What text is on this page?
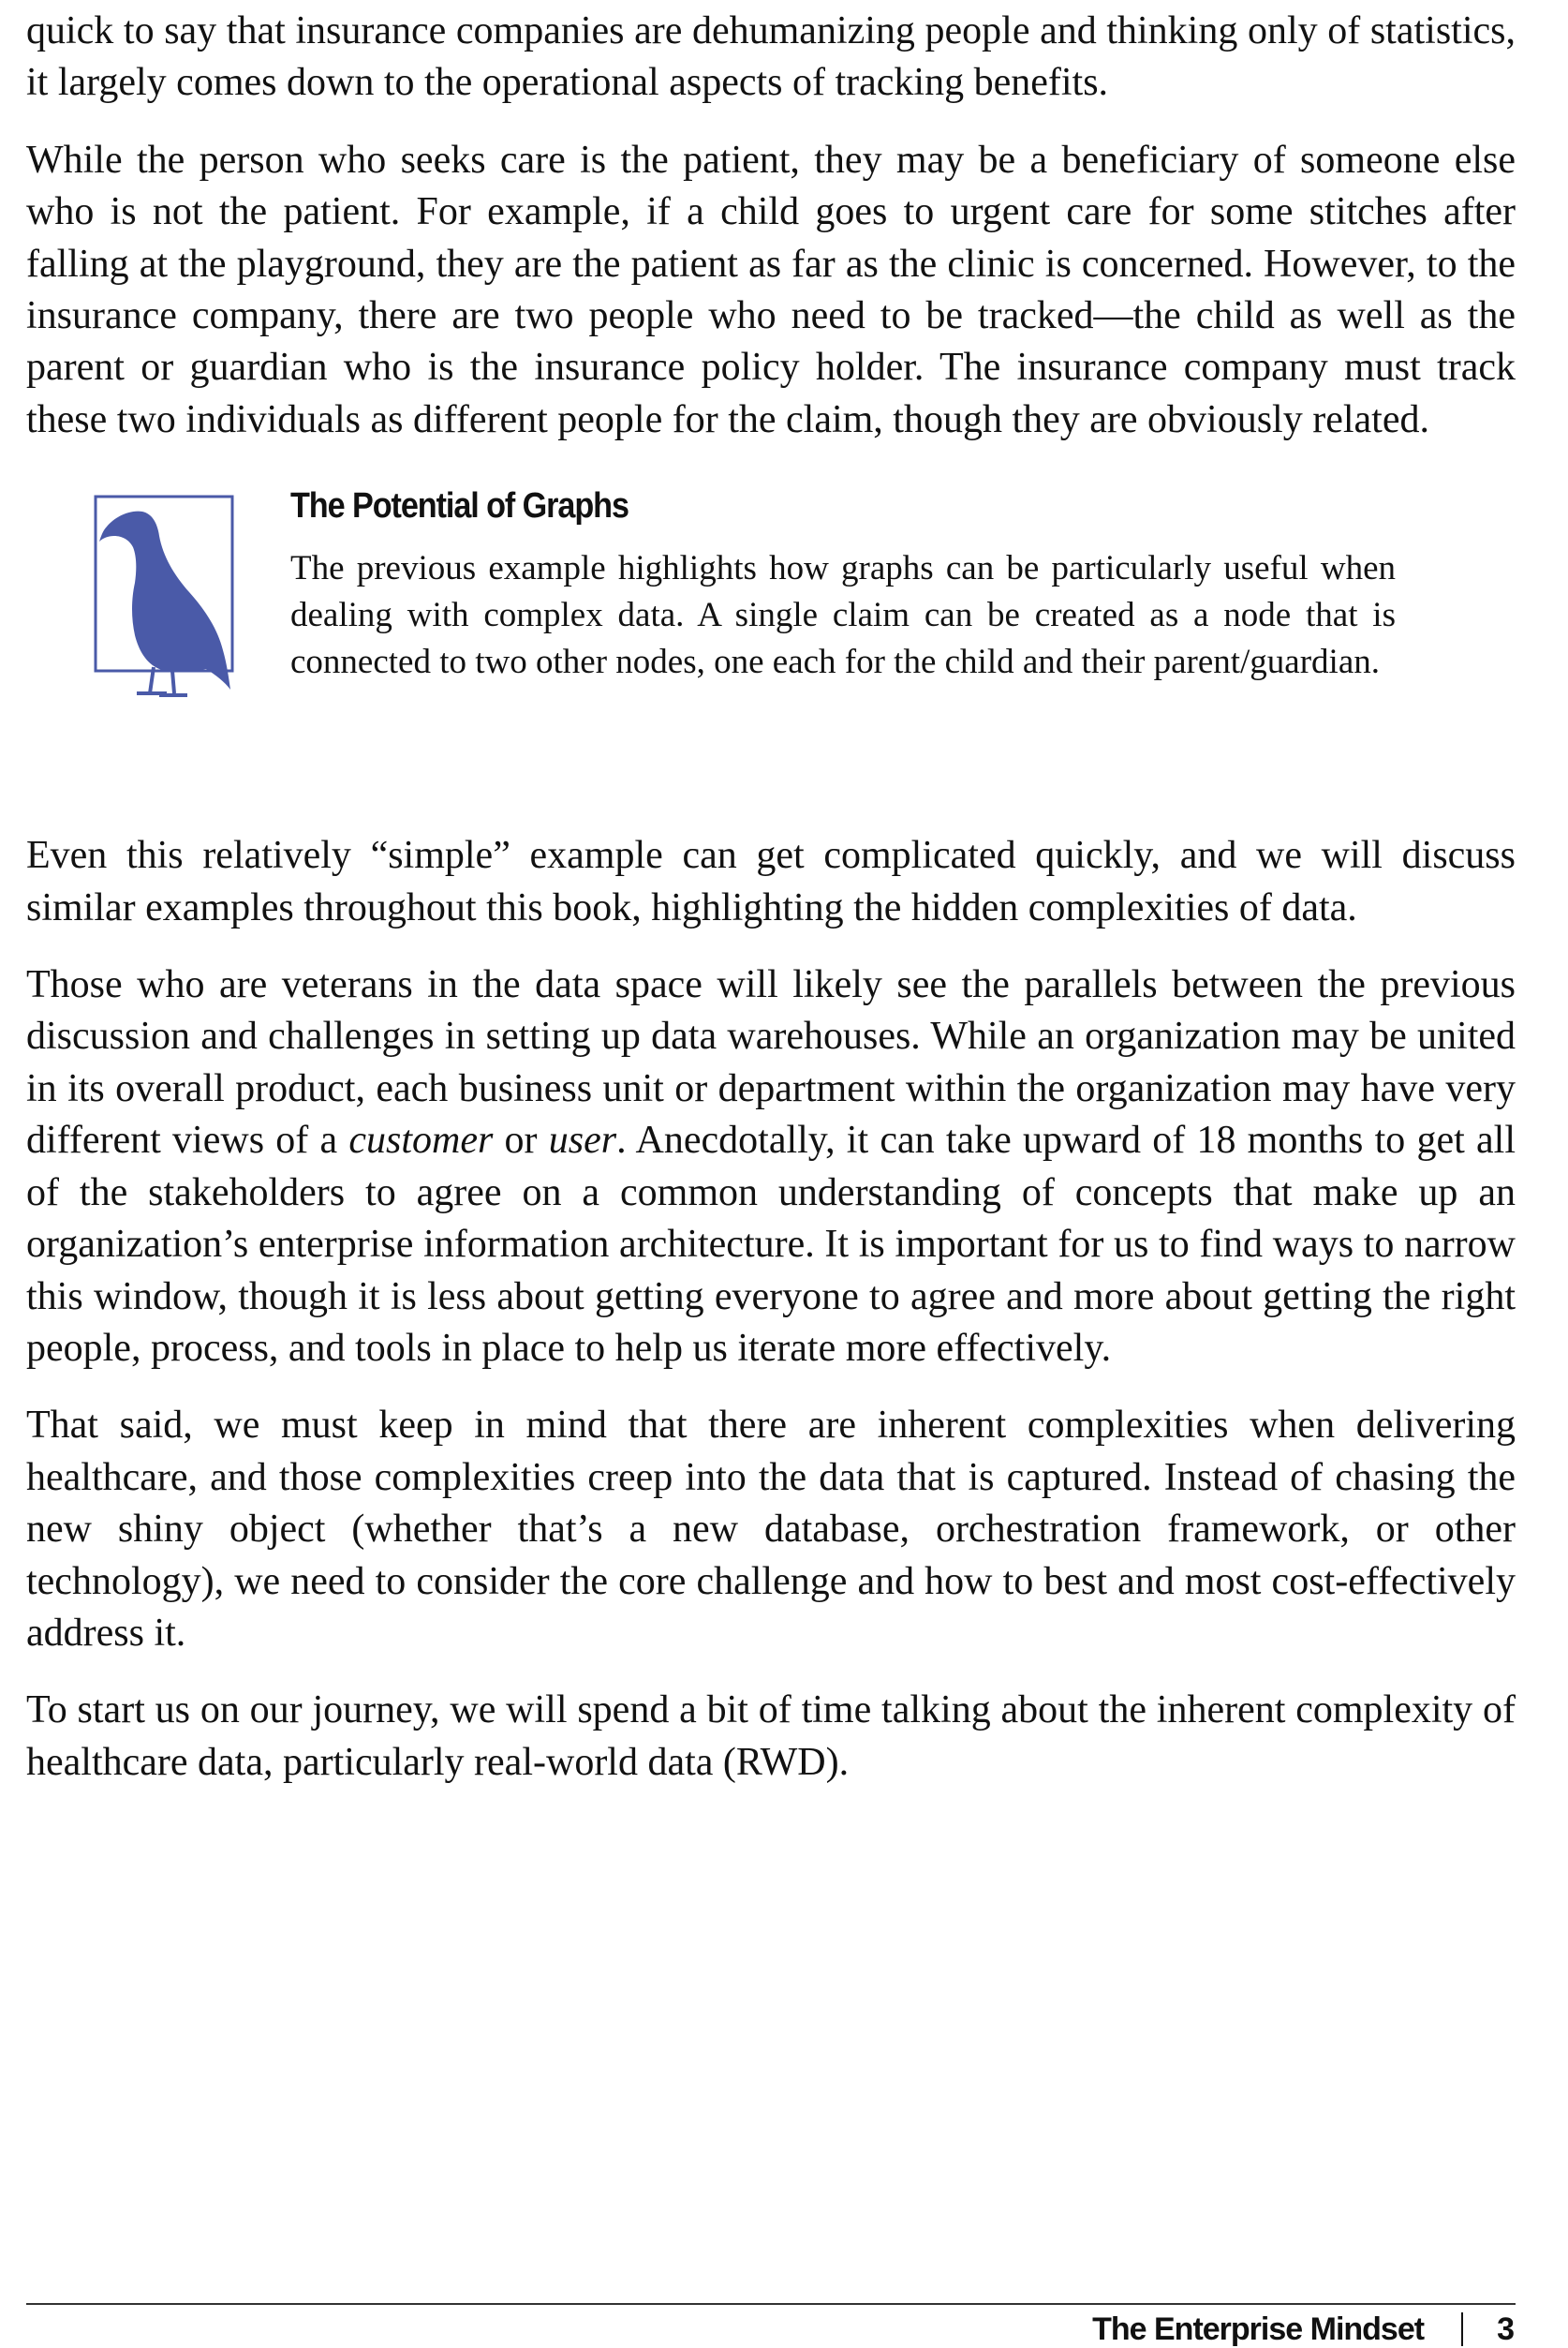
quick to say that insurance companies are dehumanizing people and thinking only of statistics, it largely comes down to the operational aspects of tracking benefits.

While the person who seeks care is the patient, they may be a beneficiary of someone else who is not the patient. For example, if a child goes to urgent care for some stitches after falling at the playground, they are the patient as far as the clinic is concerned. However, to the insurance company, there are two people who need to be tracked—the child as well as the parent or guardian who is the insurance policy holder. The insurance company must track these two individuals as different people for the claim, though they are obviously related.

The Potential of Graphs

The previous example highlights how graphs can be particularly useful when dealing with complex data. A single claim can be created as a node that is connected to two other nodes, one each for the child and their parent/guardian.

Even this relatively “simple” example can get complicated quickly, and we will discuss similar examples throughout this book, highlighting the hidden complexities of data.

Those who are veterans in the data space will likely see the parallels between the previous discussion and challenges in setting up data warehouses. While an organization may be united in its overall product, each business unit or department within the organization may have very different views of a customer or user. Anecdotally, it can take upward of 18 months to get all of the stakeholders to agree on a common understanding of concepts that make up an organization’s enterprise information architecture. It is important for us to find ways to narrow this window, though it is less about getting everyone to agree and more about getting the right people, process, and tools in place to help us iterate more effectively.

That said, we must keep in mind that there are inherent complexities when delivering healthcare, and those complexities creep into the data that is captured. Instead of chasing the new shiny object (whether that’s a new database, orchestration framework, or other technology), we need to consider the core challenge and how to best and most cost-effectively address it.

To start us on our journey, we will spend a bit of time talking about the inherent complexity of healthcare data, particularly real-world data (RWD).

The Enterprise Mindset 3
